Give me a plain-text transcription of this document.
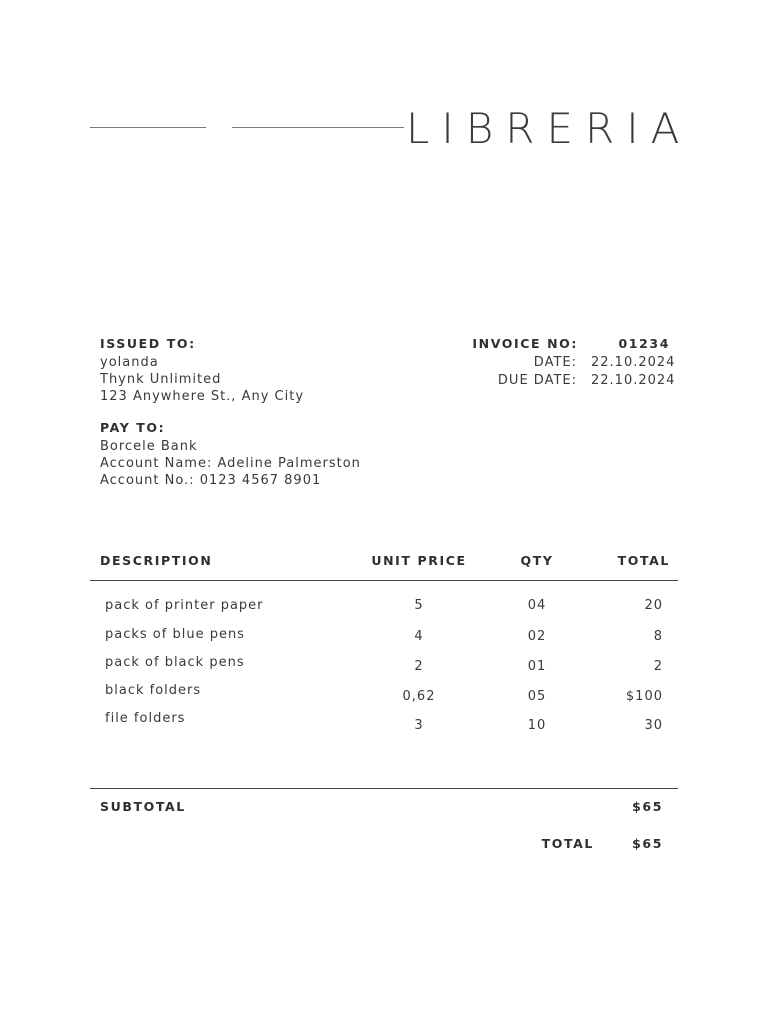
LIBRERIA
ISSUED TO:
yolanda
Thynk Unlimited
123 Anywhere St., Any City
INVOICE NO:	01234
DATE: 22.10.2024
DUE DATE: 22.10.2024
PAY TO:
Borcele Bank
Account Name: Adeline Palmerston
Account No.: 0123 4567 8901
DESCRIPTION	UNIT PRICE	QTY	TOTAL
pack of printer paper	5	04	20
packs of blue pens	4	02	8
pack of black pens	2	01	2
black folders	0,62	05	$100
file folders	3	10	30
SUBTOTAL	$65
TOTAL	$65
